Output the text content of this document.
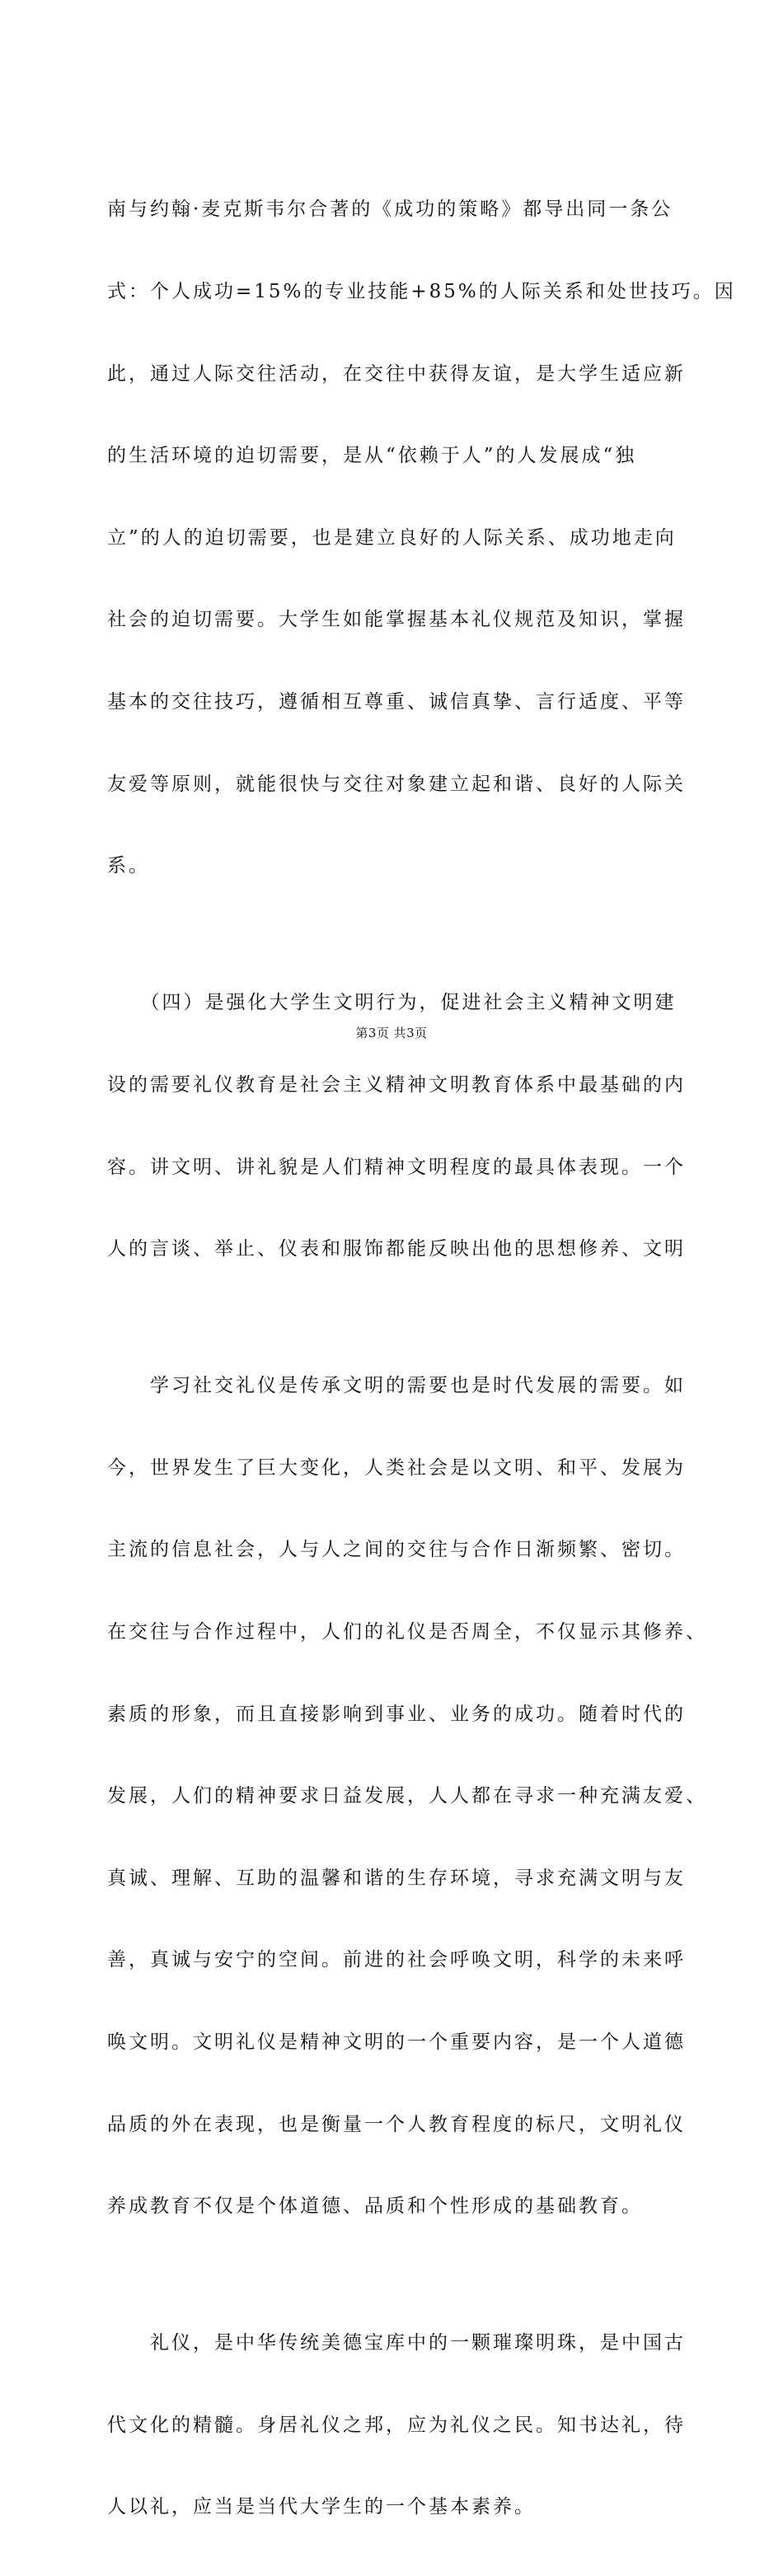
南与约翰·麦克斯韦尔合著的《成功的策略》都导出同一条公

式：个人成功=15%的专业技能+85%的人际关系和处世技巧。因

此，通过人际交往活动，在交往中获得友谊，是大学生适应新

的生活环境的迫切需要，是从“依赖于人”的人发展成“独

立”的人的迫切需要，也是建立良好的人际关系、成功地走向

社会的迫切需要。大学生如能掌握基本礼仪规范及知识，掌握

基本的交往技巧，遵循相互尊重、诚信真挚、言行适度、平等

友爱等原则，就能很快与交往对象建立起和谐、良好的人际关

系。

　　（四）是强化大学生文明行为，促进社会主义精神文明建

设的需要礼仪教育是社会主义精神文明教育体系中最基础的内

容。讲文明、讲礼貌是人们精神文明程度的最具体表现。一个

人的言谈、举止、仪表和服饰都能反映出他的思想修养、文明

　　学习社交礼仪是传承文明的需要也是时代发展的需要。如

今，世界发生了巨大变化，人类社会是以文明、和平、发展为

主流的信息社会，人与人之间的交往与合作日渐频繁、密切。

在交往与合作过程中，人们的礼仪是否周全，不仅显示其修养、

素质的形象，而且直接影响到事业、业务的成功。随着时代的

发展，人们的精神要求日益发展，人人都在寻求一种充满友爱、

真诚、理解、互助的温馨和谐的生存环境，寻求充满文明与友

善，真诚与安宁的空间。前进的社会呼唤文明，科学的未来呼

唤文明。文明礼仪是精神文明的一个重要内容，是一个人道德

品质的外在表现，也是衡量一个人教育程度的标尺，文明礼仪

养成教育不仅是个体道德、品质和个性形成的基础教育。

　　礼仪，是中华传统美德宝库中的一颗璀璨明珠，是中国古

代文化的精髓。身居礼仪之邦，应为礼仪之民。知书达礼，待

人以礼，应当是当代大学生的一个基本素养。

第3页 共3页
